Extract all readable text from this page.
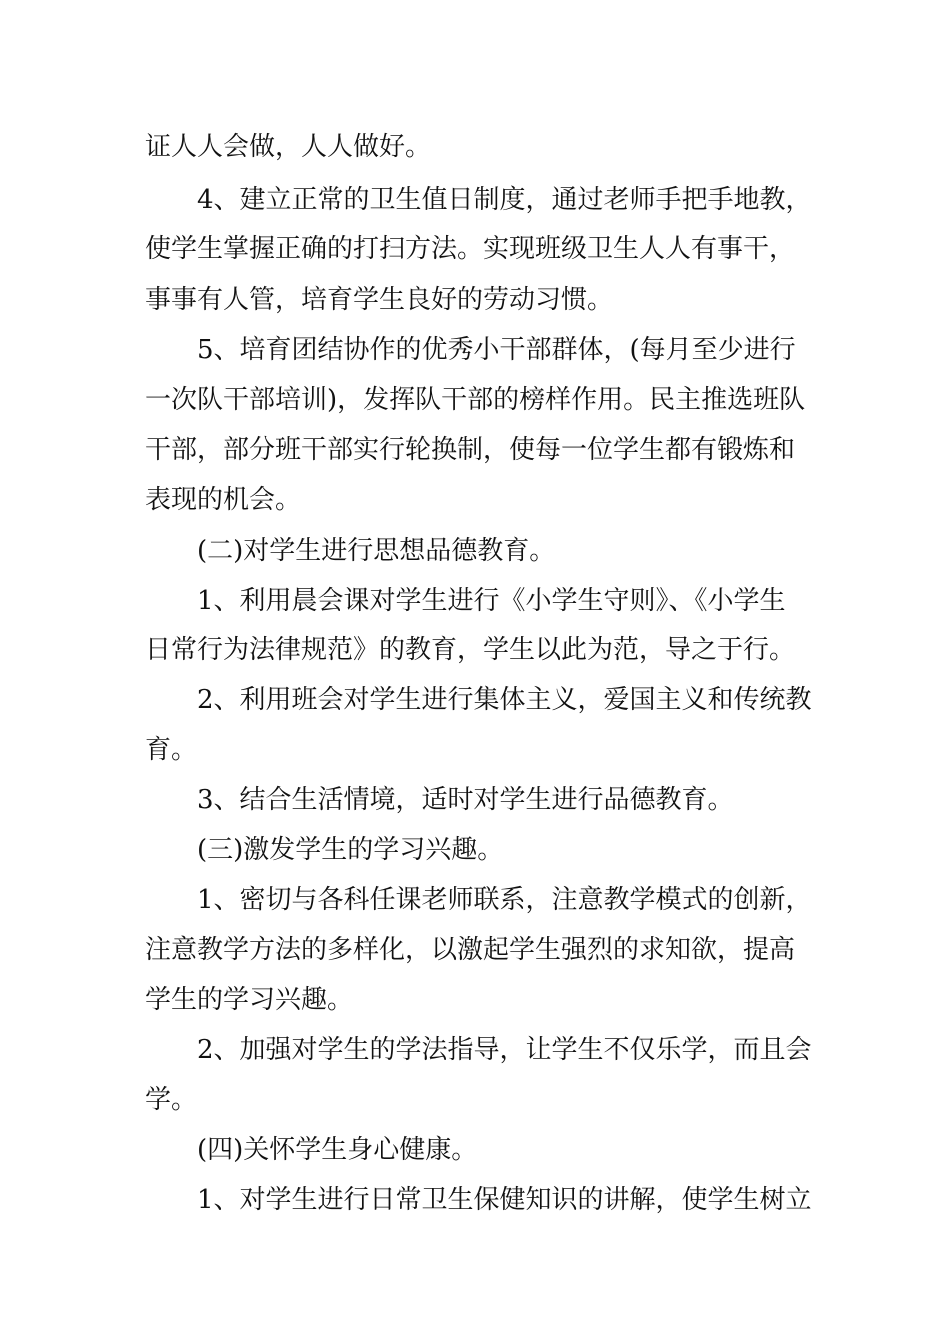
证人人会做，人人做好。
4、建立正常的卫生值日制度，通过老师手把手地教，
使学生掌握正确的打扫方法。实现班级卫生人人有事干，
事事有人管，培育学生良好的劳动习惯。
5、培育团结协作的优秀小干部群体，(每月至少进行
一次队干部培训)，发挥队干部的榜样作用。民主推选班队
干部，部分班干部实行轮换制，使每一位学生都有锻炼和
表现的机会。
(二)对学生进行思想品德教育。
1、利用晨会课对学生进行《小学生守则》、《小学生
日常行为法律规范》的教育，学生以此为范，导之于行。
2、利用班会对学生进行集体主义，爱国主义和传统教
育。
3、结合生活情境，适时对学生进行品德教育。
(三)激发学生的学习兴趣。
1、密切与各科任课老师联系，注意教学模式的创新，
注意教学方法的多样化，以激起学生强烈的求知欲，提高
学生的学习兴趣。
2、加强对学生的学法指导，让学生不仅乐学，而且会
学。
(四)关怀学生身心健康。
1、对学生进行日常卫生保健知识的讲解，使学生树立
